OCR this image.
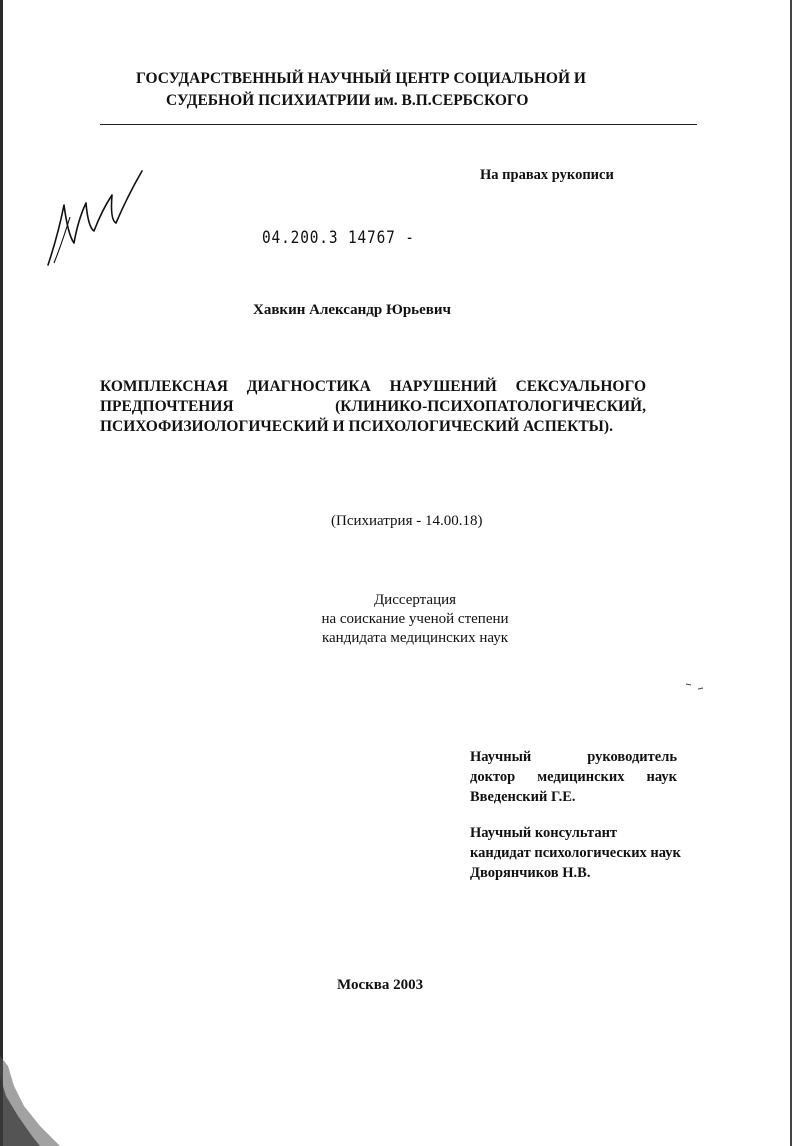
ГОСУДАРСТВЕННЫЙ НАУЧНЫЙ ЦЕНТР СОЦИАЛЬНОЙ И
СУДЕБНОЙ ПСИХИАТРИИ им. В.П.СЕРБСКОГО
На правах рукописи
04.200.3 14767 -
Хавкин Александр Юрьевич
КОМПЛЕКСНАЯ ДИАГНОСТИКА НАРУШЕНИЙ СЕКСУАЛЬНОГО
ПРЕДПОЧТЕНИЯ (КЛИНИКО-ПСИХОПАТОЛОГИЧЕСКИЙ,
ПСИХОФИЗИОЛОГИЧЕСКИЙ И ПСИХОЛОГИЧЕСКИЙ АСПЕКТЫ).
(Психиатрия - 14.00.18)
Диссертация
на соискание ученой степени
кандидата медицинских наук
Научный руководитель
доктор медицинских наук
Введенский Г.Е.
Научный консультант
кандидат психологических наук
Дворянчиков Н.В.
Москва 2003
